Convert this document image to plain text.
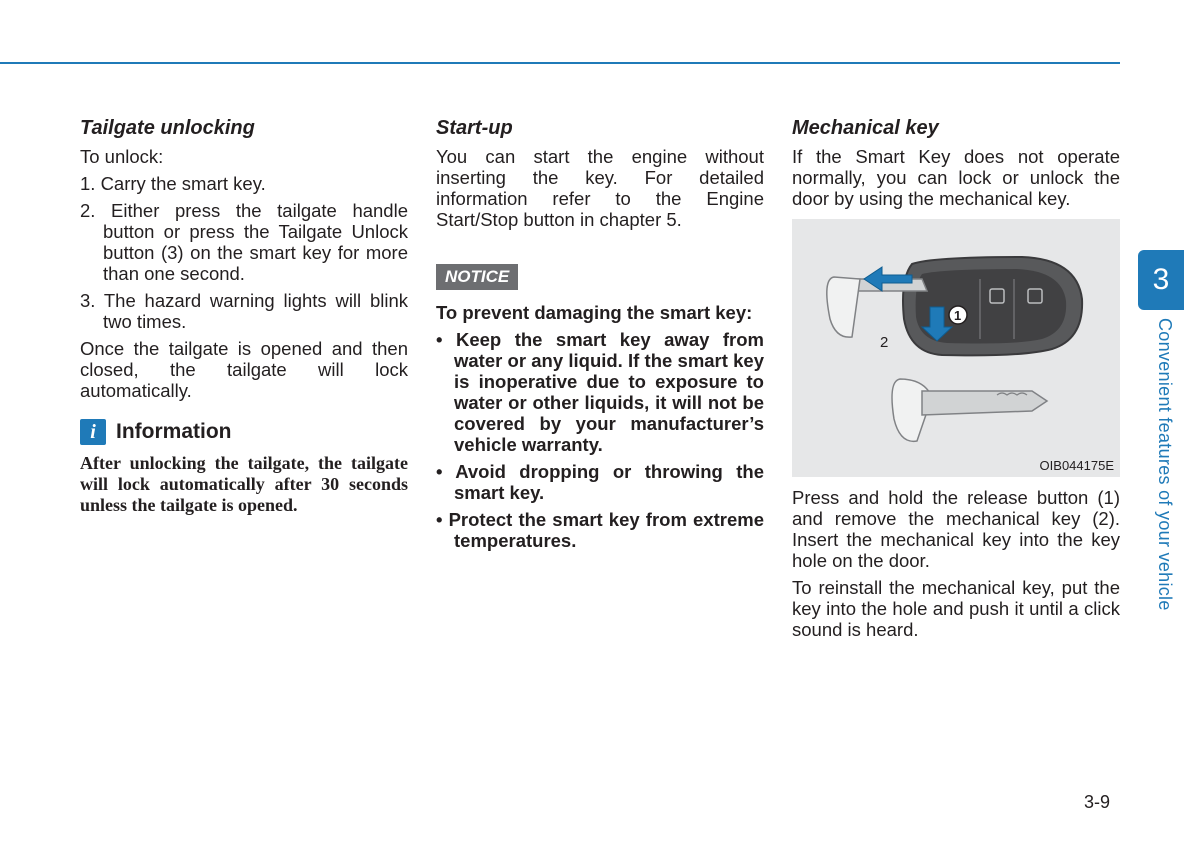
Tailgate unlocking

To unlock:

1. Carry the smart key.
2. Either press the tailgate handle button or press the Tailgate Unlock button (3) on the smart key for more than one second.
3. The hazard warning lights will blink two times.

Once the tailgate is opened and then closed, the tailgate will lock automatically.

i Information

After unlocking the tailgate, the tailgate will lock automatically after 30 seconds unless the tailgate is opened.

Start-up

You can start the engine without inserting the key. For detailed information refer to the Engine Start/Stop button in chapter 5.

NOTICE

To prevent damaging the smart key:

• Keep the smart key away from water or any liquid. If the smart key is inoperative due to exposure to water or other liquids, it will not be covered by your manufacturer’s vehicle warranty.
• Avoid dropping or throwing the smart key.
• Protect the smart key from extreme temperatures.
Mechanical key

If the Smart Key does not operate normally, you can lock or unlock the door by using the mechanical key.

1
2
OIB044175E

Press and hold the release button (1) and remove the mechanical key (2). Insert the mechanical key into the key hole on the door.

To reinstall the mechanical key, put the key into the hole and push it until a click sound is heard.

3
Convenient features of your vehicle
3-9
